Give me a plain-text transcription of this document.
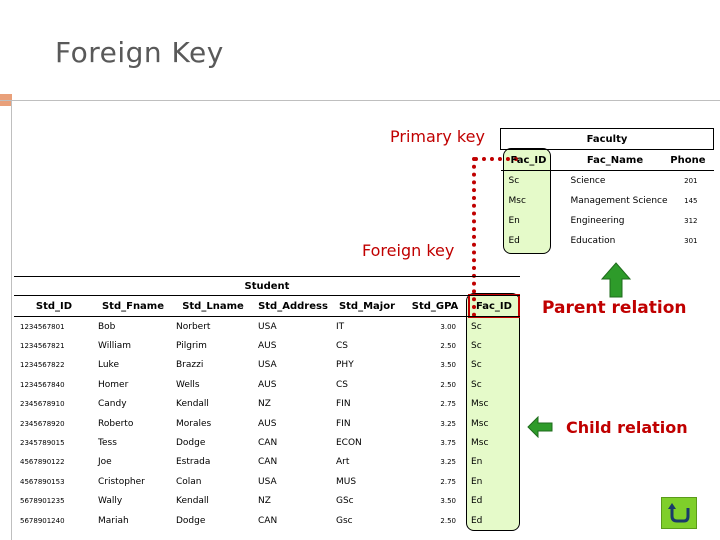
Foreign Key
Faculty		
Fac_ID	Fac_Name	Phone
Sc	Science	201
Msc	Management Science	145
En	Engineering	312
Ed	Education	301
Primary key
Foreign key
Parent relation
Child relation
Student						
Std_ID	Std_Fname	Std_Lname	Std_Address	Std_Major	Std_GPA	Fac_ID
1234567801	Bob	Norbert	USA	IT	3.00	Sc
1234567821	William	Pilgrim	AUS	CS	2.50	Sc
1234567822	Luke	Brazzi	USA	PHY	3.50	Sc
1234567840	Homer	Wells	AUS	CS	2.50	Sc
2345678910	Candy	Kendall	NZ	FIN	2.75	Msc
2345678920	Roberto	Morales	AUS	FIN	3.25	Msc
2345789015	Tess	Dodge	CAN	ECON	3.75	Msc
4567890122	Joe	Estrada	CAN	Art	3.25	En
4567890153	Cristopher	Colan	USA	MUS	2.75	En
5678901235	Wally	Kendall	NZ	GSc	3.50	Ed
5678901240	Mariah	Dodge	CAN	Gsc	2.50	Ed
